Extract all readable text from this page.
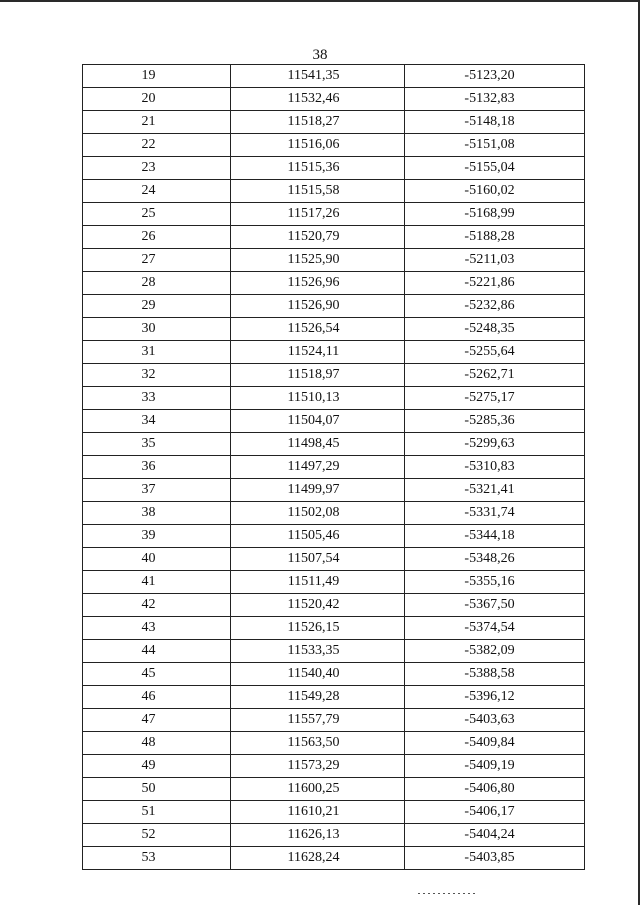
38
19	11541,35	-5123,20
20	11532,46	-5132,83
21	11518,27	-5148,18
22	11516,06	-5151,08
23	11515,36	-5155,04
24	11515,58	-5160,02
25	11517,26	-5168,99
26	11520,79	-5188,28
27	11525,90	-5211,03
28	11526,96	-5221,86
29	11526,90	-5232,86
30	11526,54	-5248,35
31	11524,11	-5255,64
32	11518,97	-5262,71
33	11510,13	-5275,17
34	11504,07	-5285,36
35	11498,45	-5299,63
36	11497,29	-5310,83
37	11499,97	-5321,41
38	11502,08	-5331,74
39	11505,46	-5344,18
40	11507,54	-5348,26
41	11511,49	-5355,16
42	11520,42	-5367,50
43	11526,15	-5374,54
44	11533,35	-5382,09
45	11540,40	-5388,58
46	11549,28	-5396,12
47	11557,79	-5403,63
48	11563,50	-5409,84
49	11573,29	-5409,19
50	11600,25	-5406,80
51	11610,21	-5406,17
52	11626,13	-5404,24
53	11628,24	-5403,85
